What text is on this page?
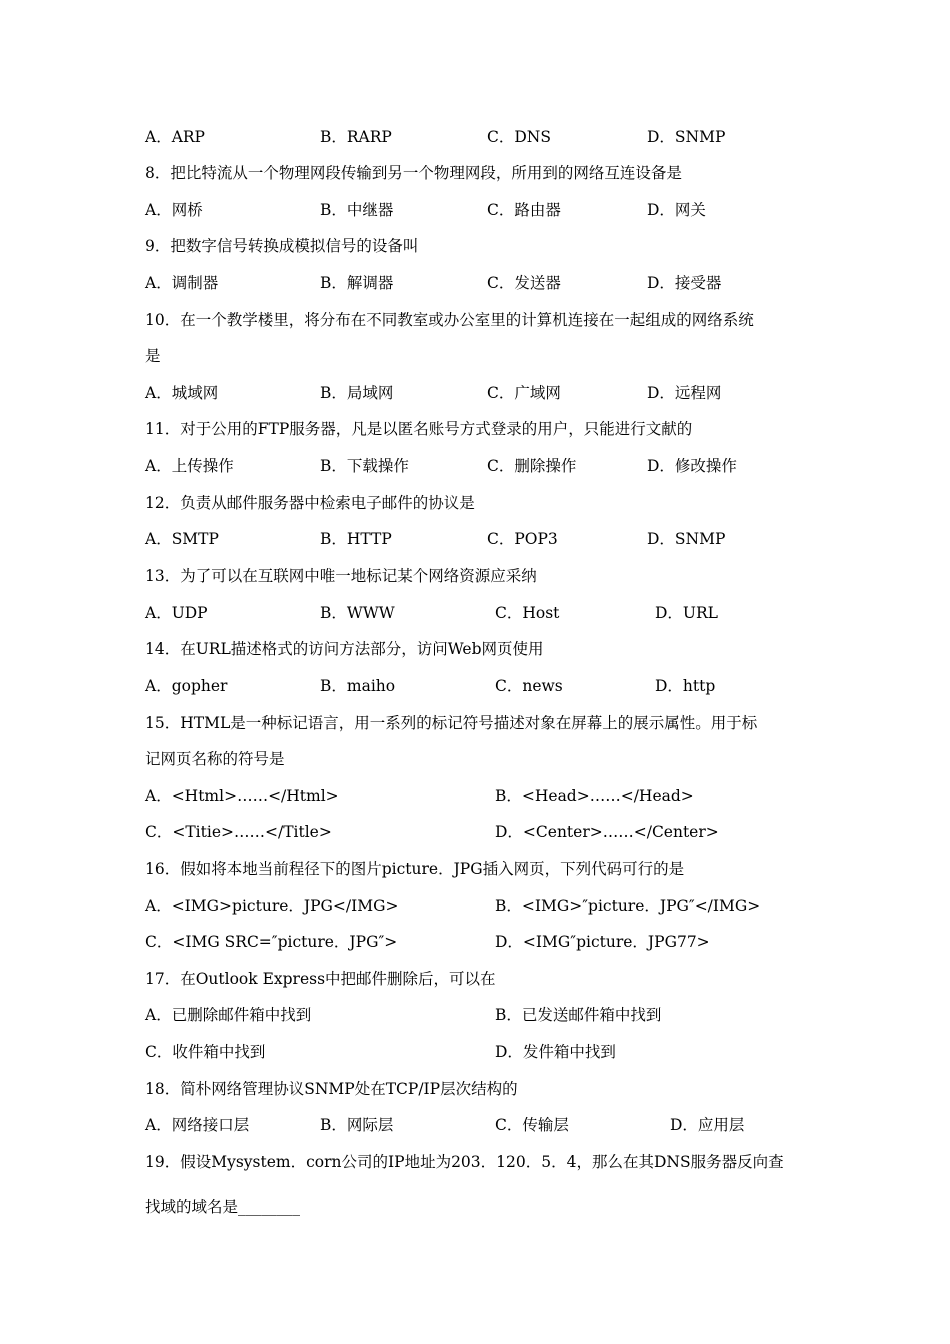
A．ARP	B．RARP	C．DNS	D．SNMP
8．把比特流从一个物理网段传输到另一个物理网段，所用到的网络互连设备是
A．网桥	B．中继器	C．路由器	D．网关
9．把数字信号转换成模拟信号的设备叫
A．调制器	B．解调器	C．发送器	D．接受器
10．在一个教学楼里，将分布在不同教室或办公室里的计算机连接在一起组成的网络系统
是
A．城域网	B．局域网	C．广域网	D．远程网
11．对于公用的FTP服务器，凡是以匿名账号方式登录的用户，只能进行文献的
A．上传操作	B．下载操作	C．删除操作	D．修改操作
12．负责从邮件服务器中检索电子邮件的协议是
A．SMTP	B．HTTP	C．POP3	D．SNMP
13．为了可以在互联网中唯一地标记某个网络资源应采纳
A．UDP	B．WWW	C．Host	D．URL
14．在URL描述格式的访问方法部分，访问Web网页使用
A．gopher	B．maiho	C．news	D．http
15．HTML是一种标记语言，用一系列的标记符号描述对象在屏幕上的展示属性。用于标
记网页名称的符号是
A．<Html>……</Html>	B．<Head>……</Head>
C．<Titie>……</Title>	D．<Center>……</Center>
16．假如将本地当前程径下的图片picture．JPG插入网页，下列代码可行的是
A．<IMG>picture．JPG</IMG>	B．<IMG>″picture．JPG″</IMG>
C．<IMG SRC=″picture．JPG″>	D．<IMG″picture．JPG77>
17．在Outlook Express中把邮件删除后，可以在
A．已删除邮件箱中找到	B．已发送邮件箱中找到
C．收件箱中找到	D．发件箱中找到
18．简朴网络管理协议SNMP处在TCP/IP层次结构的
A．网络接口层	B．网际层	C．传输层	D．应用层
19．假设Mysystem．corn公司的IP地址为203．120．5．4，那么在其DNS服务器反向查
找域的域名是________
